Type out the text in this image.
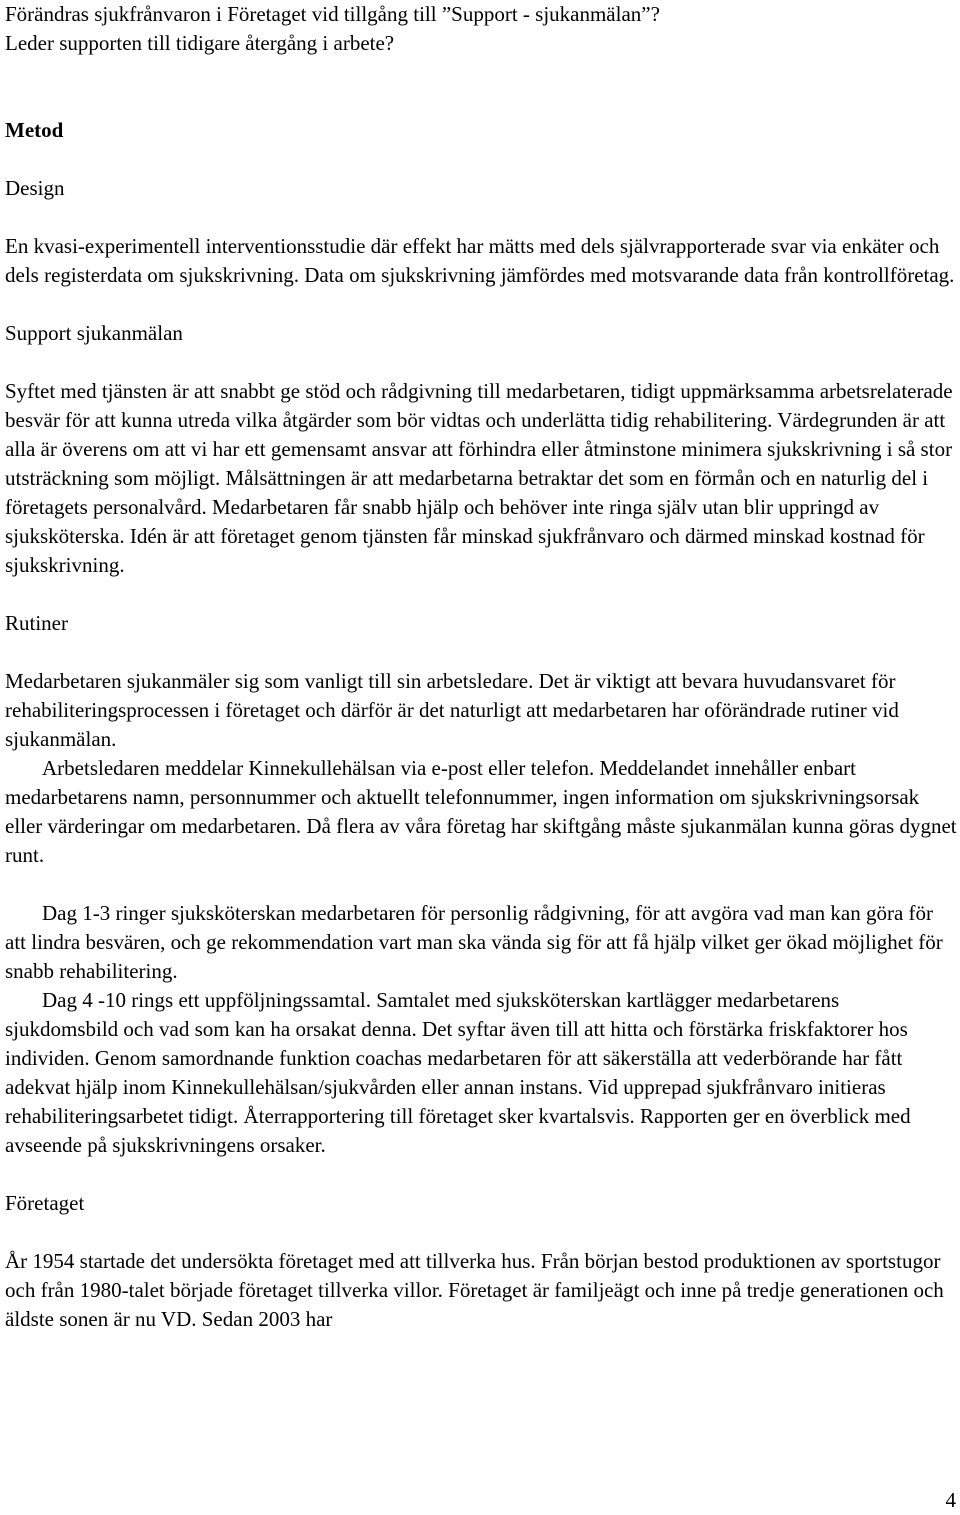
Förändras sjukfrånvaron i Företaget vid tillgång till ”Support - sjukanmälan”?
Leder supporten till tidigare återgång i arbete?

Metod

Design

En kvasi-experimentell interventionsstudie där effekt har mätts med dels självrapporterade svar via enkäter och dels registerdata om sjukskrivning. Data om sjukskrivning jämfördes med motsvarande data från kontrollföretag.

Support sjukanmälan

Syftet med tjänsten är att snabbt ge stöd och rådgivning till medarbetaren, tidigt uppmärksamma arbetsrelaterade besvär för att kunna utreda vilka åtgärder som bör vidtas och underlätta tidig rehabilitering. Värdegrunden är att alla är överens om att vi har ett gemensamt ansvar att förhindra eller åtminstone minimera sjukskrivning i så stor utsträckning som möjligt. Målsättningen är att medarbetarna betraktar det som en förmån och en naturlig del i företagets personalvård. Medarbetaren får snabb hjälp och behöver inte ringa själv utan blir uppringd av sjuksköterska. Idén är att företaget genom tjänsten får minskad sjukfrånvaro och därmed minskad kostnad för sjukskrivning.

Rutiner

Medarbetaren sjukanmäler sig som vanligt till sin arbetsledare. Det är viktigt att bevara huvudansvaret för rehabiliteringsprocessen i företaget och därför är det naturligt att medarbetaren har oförändrade rutiner vid sjukanmälan.

Arbetsledaren meddelar Kinnekullehälsan via e-post eller telefon. Meddelandet innehåller enbart medarbetarens namn, personnummer och aktuellt telefonnummer, ingen information om sjukskrivningsorsak eller värderingar om medarbetaren. Då flera av våra företag har skiftgång måste sjukanmälan kunna göras dygnet runt.

Dag 1-3 ringer sjuksköterskan medarbetaren för personlig rådgivning, för att avgöra vad man kan göra för att lindra besvären, och ge rekommendation vart man ska vända sig för att få hjälp vilket ger ökad möjlighet för snabb rehabilitering.

Dag 4 -10 rings ett uppföljningssamtal. Samtalet med sjuksköterskan kartlägger medarbetarens sjukdomsbild och vad som kan ha orsakat denna. Det syftar även till att hitta och förstärka friskfaktorer hos individen. Genom samordnande funktion coachas medarbetaren för att säkerställa att vederbörande har fått adekvat hjälp inom Kinnekullehälsan/sjukvården eller annan instans. Vid upprepad sjukfrånvaro initieras rehabiliteringsarbetet tidigt. Återrapportering till företaget sker kvartalsvis. Rapporten ger en överblick med avseende på sjukskrivningens orsaker.

Företaget

År 1954 startade det undersökta företaget med att tillverka hus. Från början bestod produktionen av sportstugor och från 1980-talet började företaget tillverka villor. Företaget är familjeägt och inne på tredje generationen och äldste sonen är nu VD. Sedan 2003 har

4
